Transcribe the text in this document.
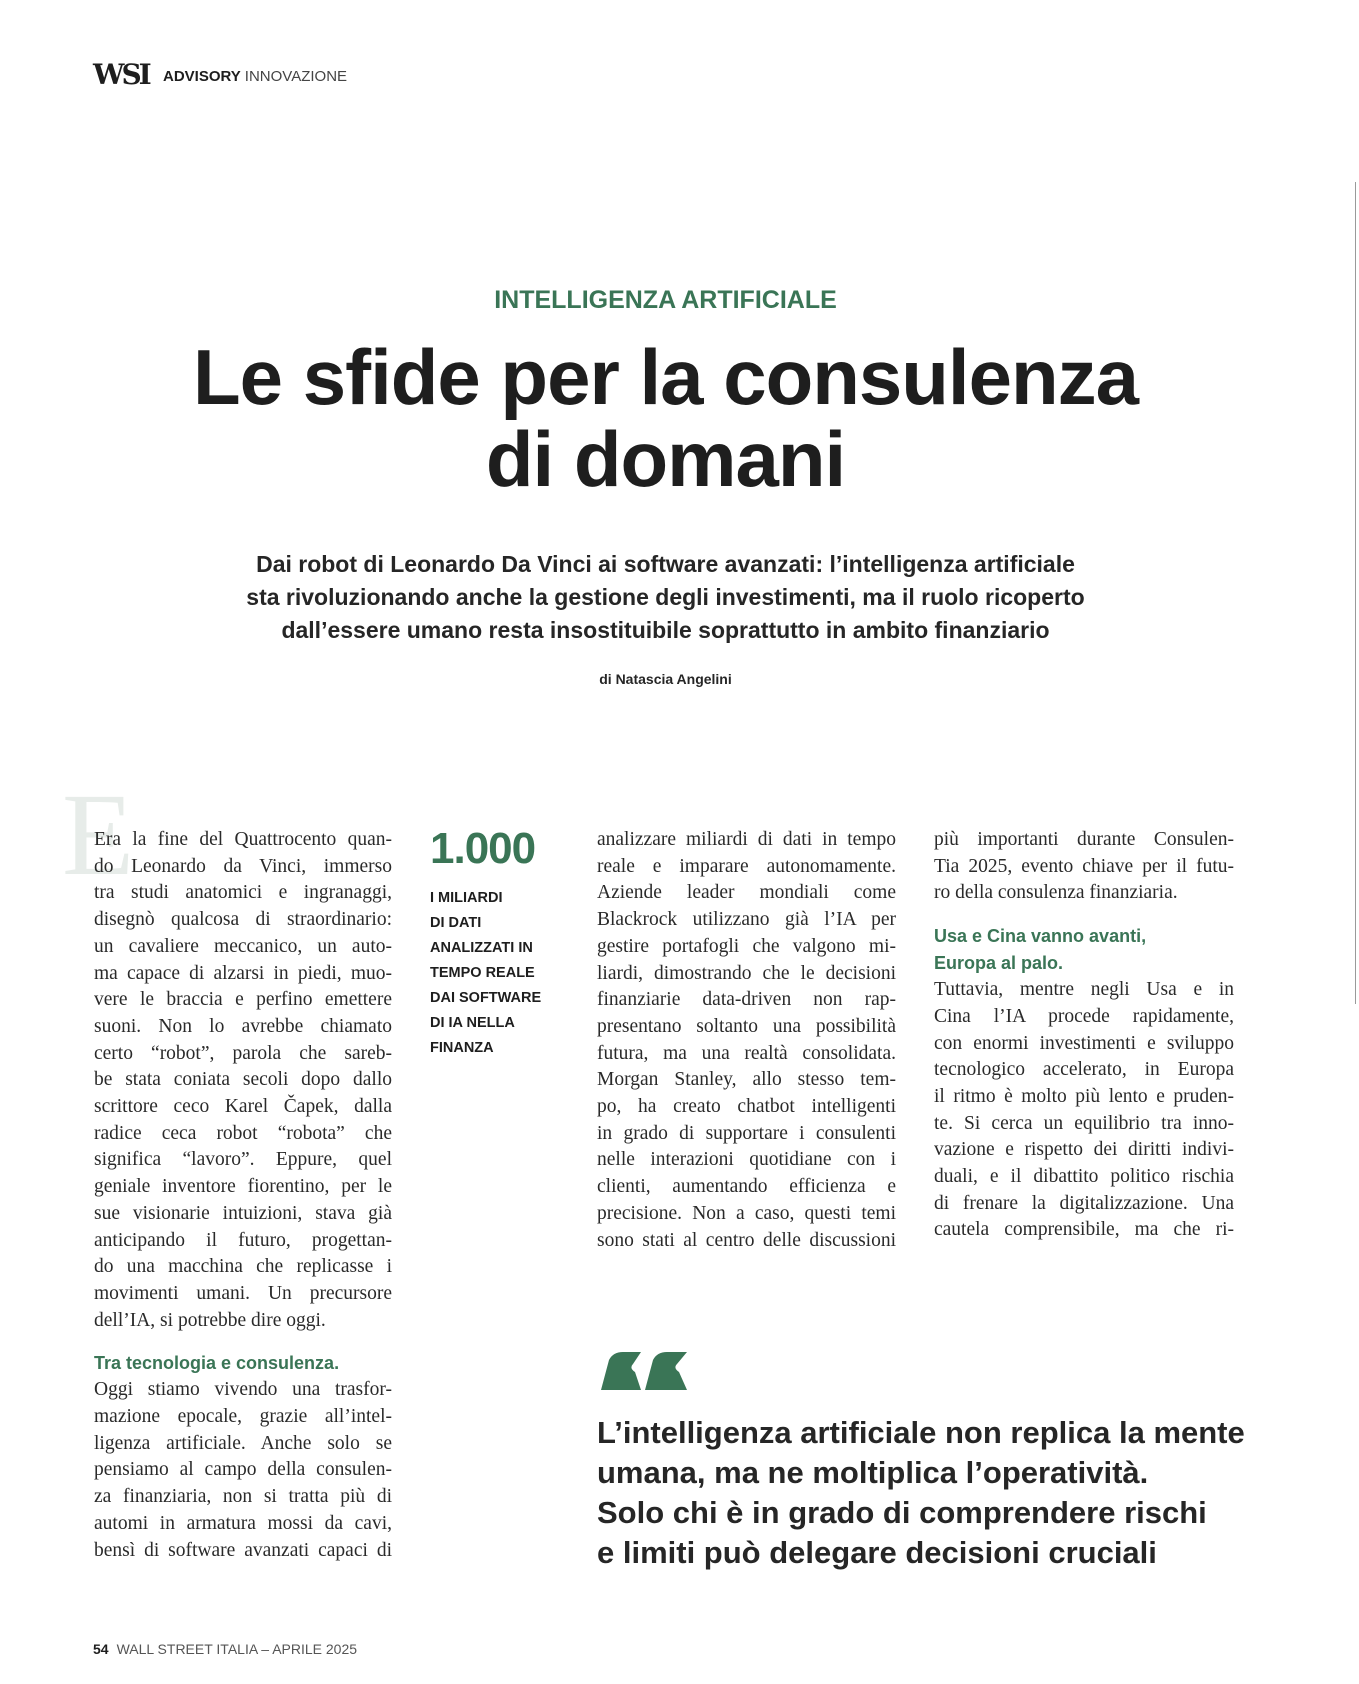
WSI ADVISORY INNOVAZIONE
INTELLIGENZA ARTIFICIALE
Le sfide per la consulenza
di domani
Dai robot di Leonardo Da Vinci ai software avanzati: l’intelligenza artificiale
sta rivoluzionando anche la gestione degli investimenti, ma il ruolo ricoperto
dall’essere umano resta insostituibile soprattutto in ambito finanziario
di Natascia Angelini
E
Era la fine del Quattrocento quan-
do Leonardo da Vinci, immerso
tra studi anatomici e ingranaggi,
disegnò qualcosa di straordinario:
un cavaliere meccanico, un auto-
ma capace di alzarsi in piedi, muo-
vere le braccia e perfino emettere
suoni. Non lo avrebbe chiamato
certo “robot”, parola che sareb-
be stata coniata secoli dopo dallo
scrittore ceco Karel Čapek, dalla
radice ceca robot “robota” che
significa “lavoro”. Eppure, quel
geniale inventore fiorentino, per le
sue visionarie intuizioni, stava già
anticipando il futuro, progettan-
do una macchina che replicasse i
movimenti umani. Un precursore
dell’IA, si potrebbe dire oggi.
Tra tecnologia e consulenza.
Oggi stiamo vivendo una trasfor-
mazione epocale, grazie all’intel-
ligenza artificiale. Anche solo se
pensiamo al campo della consulen-
za finanziaria, non si tratta più di
automi in armatura mossi da cavi,
bensì di software avanzati capaci di
1.000
I MILIARDI
DI DATI
ANALIZZATI IN
TEMPO REALE
DAI SOFTWARE
DI IA NELLA
FINANZA
analizzare miliardi di dati in tempo
reale e imparare autonomamente.
Aziende leader mondiali come
Blackrock utilizzano già l’IA per
gestire portafogli che valgono mi-
liardi, dimostrando che le decisioni
finanziarie data-driven non rap-
presentano soltanto una possibilità
futura, ma una realtà consolidata.
Morgan Stanley, allo stesso tem-
po, ha creato chatbot intelligenti
in grado di supportare i consulenti
nelle interazioni quotidiane con i
clienti, aumentando efficienza e
precisione. Non a caso, questi temi
sono stati al centro delle discussioni
più importanti durante Consulen-
Tia 2025, evento chiave per il futu-
ro della consulenza finanziaria.
Usa e Cina vanno avanti,
Europa al palo.
Tuttavia, mentre negli Usa e in
Cina l’IA procede rapidamente,
con enormi investimenti e sviluppo
tecnologico accelerato, in Europa
il ritmo è molto più lento e pruden-
te. Si cerca un equilibrio tra inno-
vazione e rispetto dei diritti indivi-
duali, e il dibattito politico rischia
di frenare la digitalizzazione. Una
cautela comprensibile, ma che ri-
L’intelligenza artificiale non replica la mente
umana, ma ne moltiplica l’operatività.
Solo chi è in grado di comprendere rischi
e limiti può delegare decisioni cruciali
54 WALL STREET ITALIA – APRILE 2025
